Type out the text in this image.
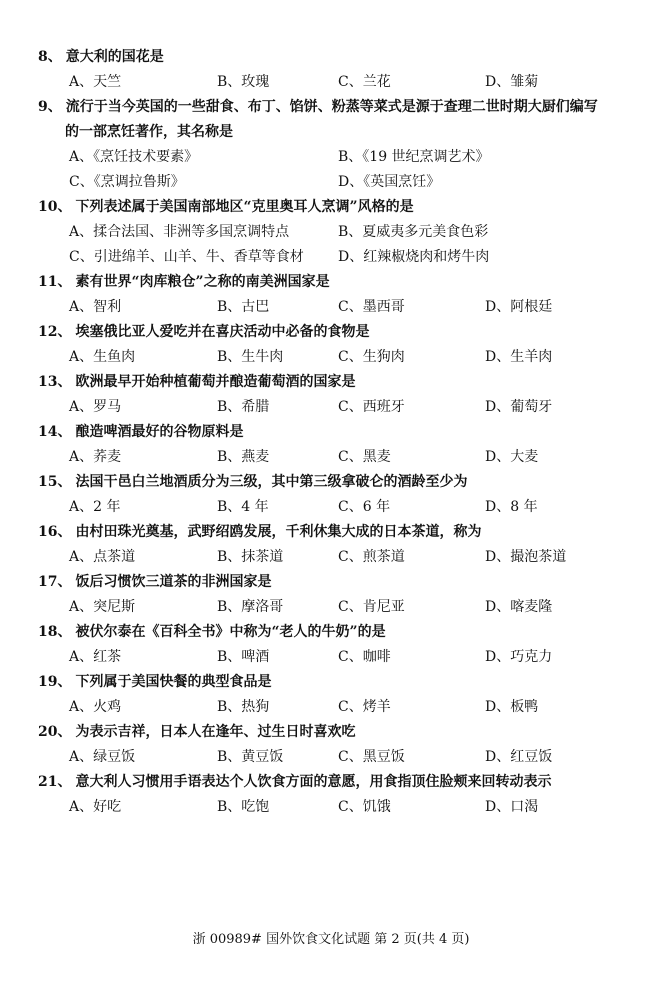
8、 意大利的国花是
A、天竺	B、玫瑰	C、兰花	D、雏菊
9、 流行于当今英国的一些甜食、布丁、馅饼、粉蒸等菜式是源于查理二世时期大厨们编写
的一部烹饪著作，其名称是
A、《烹饪技术要素》	B、《19 世纪烹调艺术》
C、《烹调拉鲁斯》	D、《英国烹饪》
10、 下列表述属于美国南部地区“克里奥耳人烹调”风格的是
A、揉合法国、非洲等多国烹调特点	B、夏威夷多元美食色彩
C、引进绵羊、山羊、牛、香草等食材 D、红辣椒烧肉和烤牛肉
11、 素有世界“肉库粮仓”之称的南美洲国家是
A、智利	B、古巴	C、墨西哥	D、阿根廷
12、 埃塞俄比亚人爱吃并在喜庆活动中必备的食物是
A、生鱼肉	B、生牛肉	C、生狗肉	D、生羊肉
13、 欧洲最早开始种植葡萄并酿造葡萄酒的国家是
A、罗马	B、希腊	C、西班牙	D、葡萄牙
14、 酿造啤酒最好的谷物原料是
A、荞麦	B、燕麦	C、黑麦	D、大麦
15、 法国干邑白兰地酒质分为三级，其中第三级拿破仑的酒龄至少为
A、2 年	B、4 年	C、6 年	D、8 年
16、 由村田珠光奠基，武野绍鸥发展，千利休集大成的日本茶道，称为
A、点茶道	B、抹茶道	C、煎茶道	D、撮泡茶道
17、 饭后习惯饮三道茶的非洲国家是
A、突尼斯	B、摩洛哥	C、肯尼亚	D、喀麦隆
18、 被伏尔泰在《百科全书》中称为“老人的牛奶”的是
A、红茶	B、啤酒	C、咖啡	D、巧克力
19、 下列属于美国快餐的典型食品是
A、火鸡	B、热狗	C、烤羊	D、板鸭
20、 为表示吉祥，日本人在逢年、过生日时喜欢吃
A、绿豆饭	B、黄豆饭	C、黑豆饭	D、红豆饭
21、 意大利人习惯用手语表达个人饮食方面的意愿，用食指顶住脸颊来回转动表示
A、好吃	B、吃饱	C、饥饿	D、口渴
浙 00989# 国外饮食文化试题 第 2 页(共 4 页)
